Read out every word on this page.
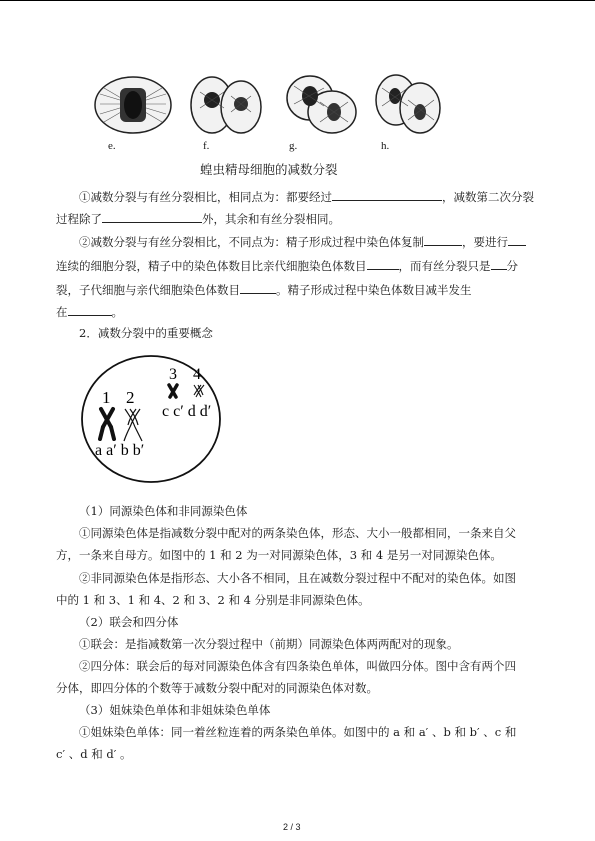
e.	f.	g.	h.
蝗虫精母细胞的减数分裂
①减数分裂与有丝分裂相比，相同点为：都要经过	，减数第二次分裂
过程除了	外，其余和有丝分裂相同。
②减数分裂与有丝分裂相比，不同点为：精子形成过程中染色体复制	，要进行
连续的细胞分裂，精子中的染色体数目比亲代细胞染色体数目	，而有丝分裂只是 分
裂，子代细胞与亲代细胞染色体数目	。精子形成过程中染色体数目减半发生
在	。
2．减数分裂中的重要概念
1 2
3 4
c c′ d d′
a a′ b b′
（1）同源染色体和非同源染色体
①同源染色体是指减数分裂中配对的两条染色体，形态、大小一般都相同，一条来自父
方，一条来自母方。如图中的 1 和 2 为一对同源染色体，3 和 4 是另一对同源染色体。
②非同源染色体是指形态、大小各不相同，且在减数分裂过程中不配对的染色体。如图
中的 1 和 3、1 和 4、2 和 3、2 和 4 分别是非同源染色体。
（2）联会和四分体
①联会：是指减数第一次分裂过程中（前期）同源染色体两两配对的现象。
②四分体：联会后的每对同源染色体含有四条染色单体，叫做四分体。图中含有两个四
分体，即四分体的个数等于减数分裂中配对的同源染色体对数。
（3）姐妹染色单体和非姐妹染色单体
①姐妹染色单体：同一着丝粒连着的两条染色单体。如图中的 a 和 a′ 、b 和 b′ 、c 和
c′ 、d 和 d′ 。
2 / 3
